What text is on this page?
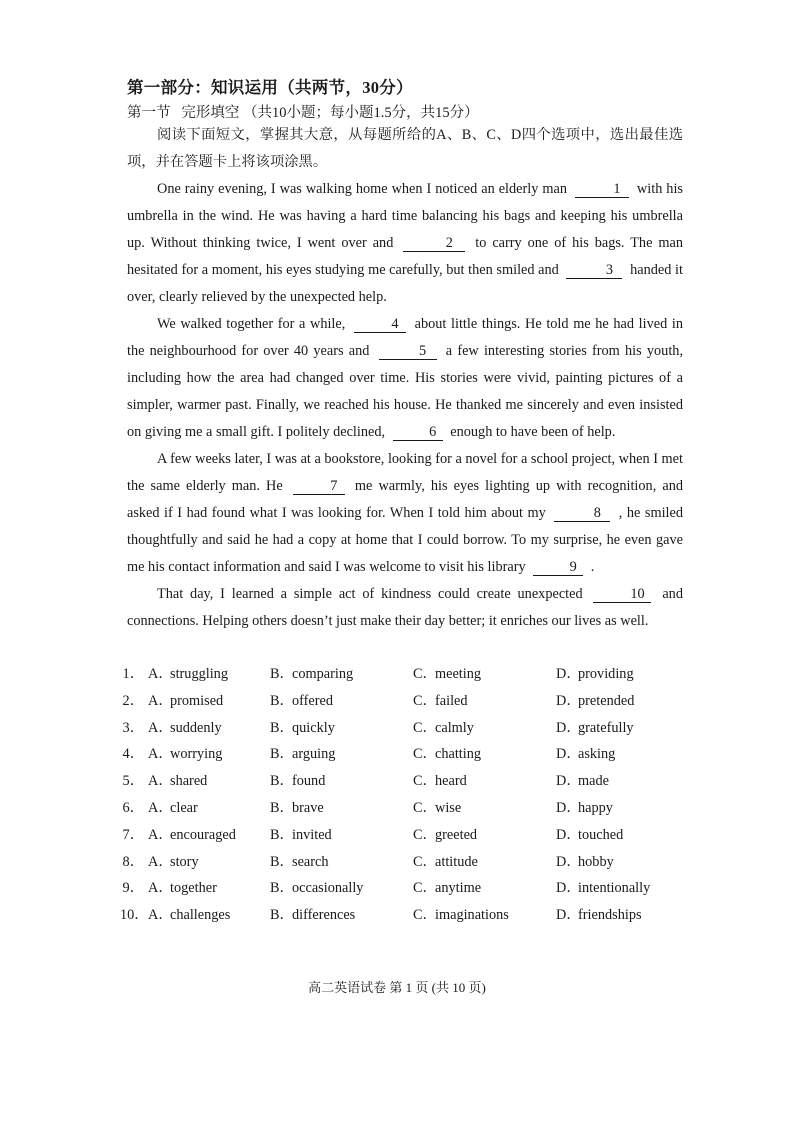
第一部分：知识运用（共两节，30分）
第一节   完形填空 （共10小题；每小题1.5分，共15分）

阅读下面短文，掌握其大意，从每题所给的A、B、C、D四个选项中，选出最佳选项，并在答题卡上将该项涂黑。

One rainy evening, I was walking home when I noticed an elderly man	1 with his umbrella in the wind. He was having a hard time balancing his bags and keeping his umbrella up. Without thinking twice, I went over and	2 to carry one of his bags. The man hesitated for a moment, his eyes studying me carefully, but then smiled and	3 handed it over, clearly relieved by the unexpected help.

We walked together for a while,	4 about little things. He told me he had lived in the neighbourhood for over 40 years and	5 a few interesting stories from his youth, including how the area had changed over time. His stories were vivid, painting pictures of a simpler, warmer past. Finally, we reached his house. He thanked me sincerely and even insisted on giving me a small gift. I politely declined,	6 enough to have been of help.

A few weeks later, I was at a bookstore, looking for a novel for a school project, when I met the same elderly man. He	7 me warmly, his eyes lighting up with recognition, and asked if I had found what I was looking for. When I told him about my	8 , he smiled thoughtfully and said he had a copy at home that I could borrow. To my surprise, he even gave me his contact information and said I was welcome to visit his library	9 .

That day, I learned a simple act of kindness could create unexpected	10 and connections. Helping others doesn’t just make their day better; it enriches our lives as well.

1． A．struggling	B．comparing	C．meeting	D．providing
2． A．promised	B．offered	C．failed	D．pretended
3． A．suddenly	B．quickly	C．calmly	D．gratefully
4． A．worrying	B．arguing	C．chatting	D．asking
5． A．shared	B．found	C．heard	D．made
6． A．clear	B．brave	C．wise	D．happy
7． A．encouraged B．invited	C．greeted	D．touched
8． A．story	B．search	C．attitude	D．hobby
9． A．together	B．occasionally	C．anytime	D．intentionally
10． A．challenges	B．differences	C．imaginations	D．friendships
高二英语试卷 第 1 页 (共 10 页)
